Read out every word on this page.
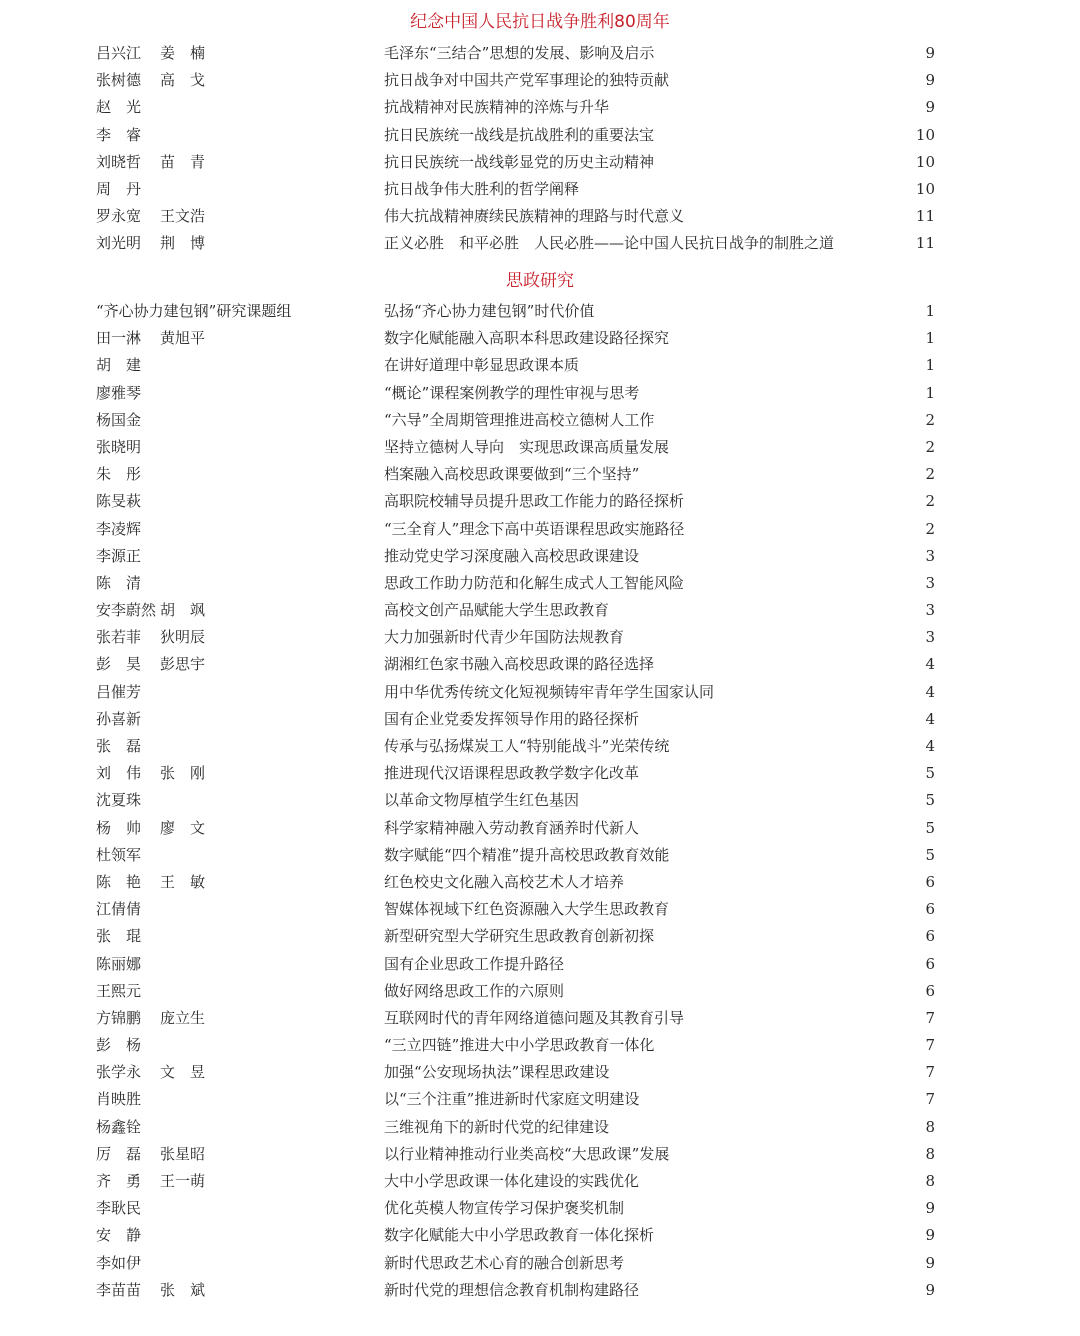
纪念中国人民抗日战争胜利80周年
吕兴江 姜　楠	毛泽东“三结合”思想的发展、影响及启示	9
张树德 高　戈	抗日战争对中国共产党军事理论的独特贡献	9
赵　光	抗战精神对民族精神的淬炼与升华	9
李　睿	抗日民族统一战线是抗战胜利的重要法宝	10
刘晓哲 苗　青	抗日民族统一战线彰显党的历史主动精神	10
周　丹	抗日战争伟大胜利的哲学阐释	10
罗永宽 王文浩	伟大抗战精神赓续民族精神的理路与时代意义	11
刘光明 荆　博	正义必胜　和平必胜　人民必胜——论中国人民抗日战争的制胜之道	11
思政研究
“齐心协力建包钢”研究课题组	弘扬“齐心协力建包钢”时代价值	1
田一淋 黄旭平	数字化赋能融入高职本科思政建设路径探究	1
胡　建	在讲好道理中彰显思政课本质	1
廖雅琴	“概论”课程案例教学的理性审视与思考	1
杨国金	“六导”全周期管理推进高校立德树人工作	2
张晓明	坚持立德树人导向　实现思政课高质量发展	2
朱　彤	档案融入高校思政课要做到“三个坚持”	2
陈旻萩	高职院校辅导员提升思政工作能力的路径探析	2
李凌辉	“三全育人”理念下高中英语课程思政实施路径	2
李源正	推动党史学习深度融入高校思政课建设	3
陈　清	思政工作助力防范和化解生成式人工智能风险	3
安李蔚然 胡　飒	高校文创产品赋能大学生思政教育	3
张若菲 狄明辰	大力加强新时代青少年国防法规教育	3
彭　昊 彭思宇	湖湘红色家书融入高校思政课的路径选择	4
吕催芳	用中华优秀传统文化短视频铸牢青年学生国家认同	4
孙喜新	国有企业党委发挥领导作用的路径探析	4
张　磊	传承与弘扬煤炭工人“特别能战斗”光荣传统	4
刘　伟 张　刚	推进现代汉语课程思政教学数字化改革	5
沈夏珠	以革命文物厚植学生红色基因	5
杨　帅 廖　文	科学家精神融入劳动教育涵养时代新人	5
杜领军	数字赋能“四个精准”提升高校思政教育效能	5
陈　艳 王　敏	红色校史文化融入高校艺术人才培养	6
江倩倩	智媒体视域下红色资源融入大学生思政教育	6
张　琨	新型研究型大学研究生思政教育创新初探	6
陈丽娜	国有企业思政工作提升路径	6
王熙元	做好网络思政工作的六原则	6
方锦鹏 庞立生	互联网时代的青年网络道德问题及其教育引导	7
彭　杨	“三立四链”推进大中小学思政教育一体化	7
张学永 文　昱	加强“公安现场执法”课程思政建设	7
肖映胜	以“三个注重”推进新时代家庭文明建设	7
杨鑫铨	三维视角下的新时代党的纪律建设	8
厉　磊 张星昭	以行业精神推动行业类高校“大思政课”发展	8
齐　勇 王一萌	大中小学思政课一体化建设的实践优化	8
李耿民	优化英模人物宣传学习保护褒奖机制	9
安　静	数字化赋能大中小学思政教育一体化探析	9
李如伊	新时代思政艺术心育的融合创新思考	9
李苗苗 张　斌	新时代党的理想信念教育机制构建路径	9
